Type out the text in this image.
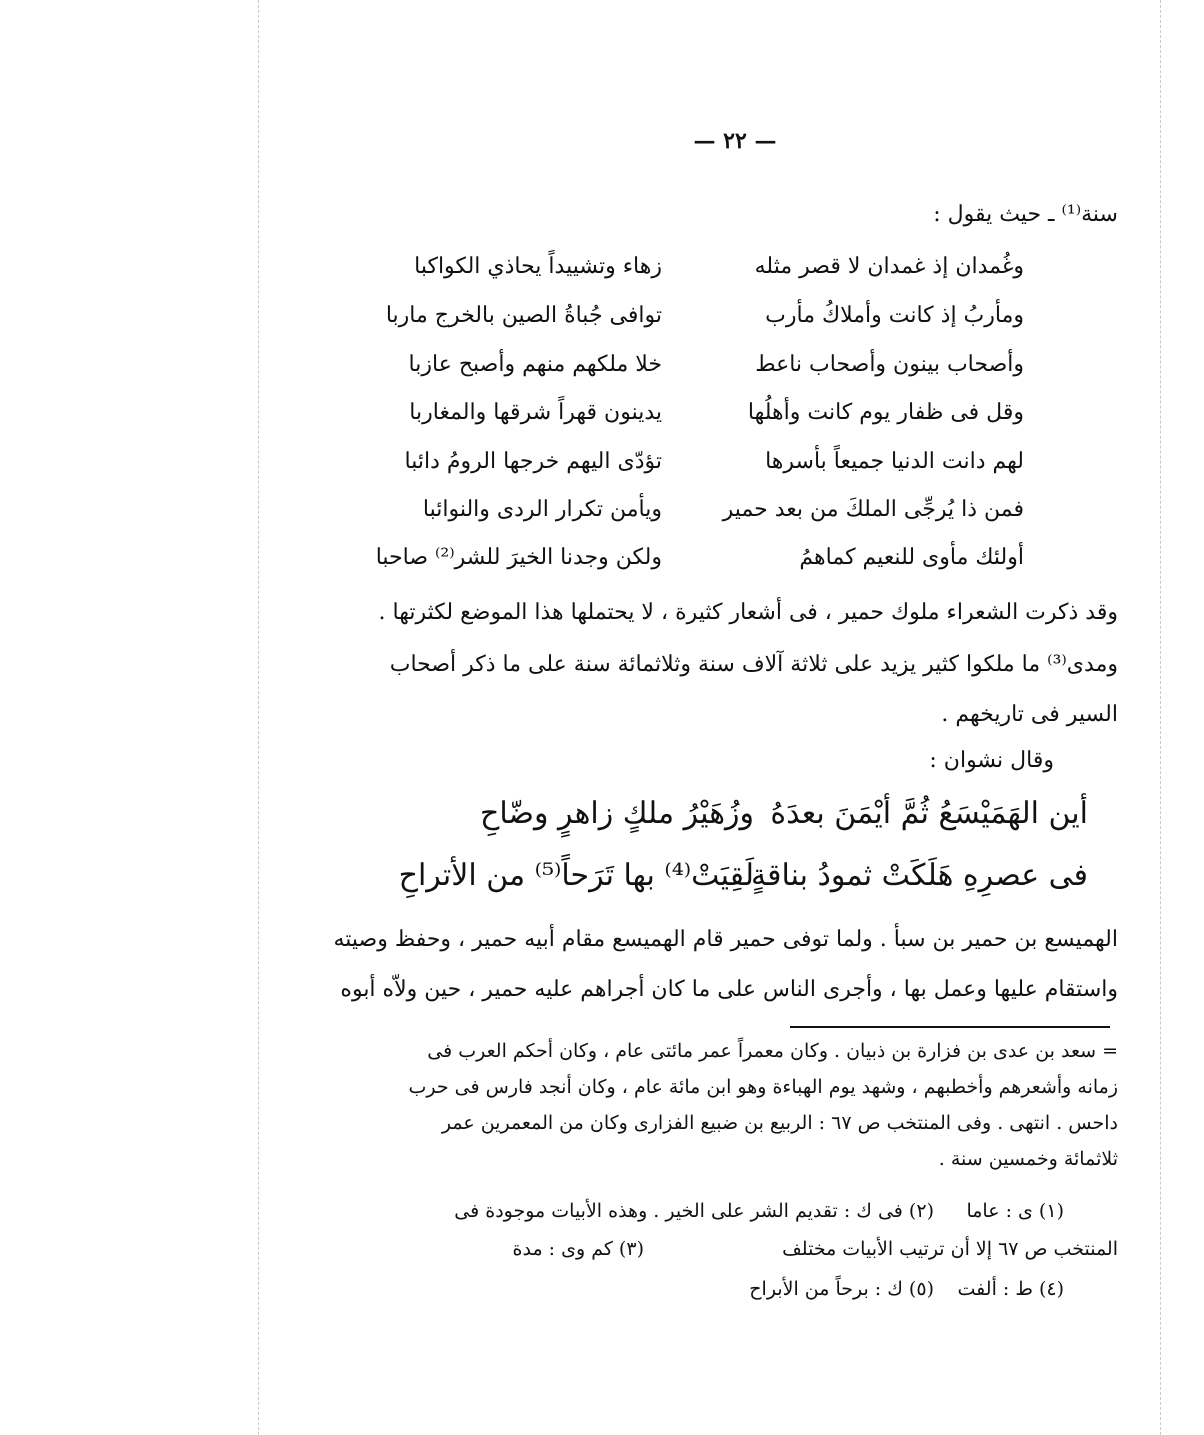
— ٢٢ —
سنة⁽¹⁾ ـ حيث يقول :
وغُمدان إذ غمدان لا قصر مثله
زهاء وتشييداً يحاذي الكواكبا
ومأربُ إذ كانت وأملاكُ مأرب
توافى جُباةُ الصين بالخرج ماربا
وأصحاب بينون وأصحاب ناعط
خلا ملكهم منهم وأصبح عازبا
وقل فى ظفار يوم كانت وأهلُها
يدينون قهراً شرقها والمغاربا
لهم دانت الدنيا جميعاً بأسرها
تؤدّى اليهم خرجها الرومُ دائبا
فمن ذا يُرجِّى الملكَ من بعد حمير
ويأمن تكرار الردى والنوائبا
أولئك مأوى للنعيم كماهمُ
ولكن وجدنا الخيرَ للشر⁽²⁾ صاحبا
وقد ذكرت الشعراء ملوك حمير ، فى أشعار كثيرة ، لا يحتملها هذا الموضع لكثرتها .
ومدى⁽³⁾ ما ملكوا كثير يزيد على ثلاثة آلاف سنة وثلاثمائة سنة على ما ذكر أصحاب
السير فى تاريخهم .
وقال نشوان :
أين الهَمَيْسَعُ ثُمَّ أيْمَنَ بعدَهُ
وزُهَيْرُ ملكٍ زاهرٍ وضّاحِ
فى عصرِهِ هَلَكَتْ ثمودُ بناقةٍ
لَقِيَتْ⁽⁴⁾ بها تَرَحاً⁽⁵⁾ من الأتراحِ
الهميسع بن حمير بن سبأ . ولما توفى حمير قام الهميسع مقام أبيه حمير ، وحفظ وصيته
واستقام عليها وعمل بها ، وأجرى الناس على ما كان أجراهم عليه حمير ، حين ولاّه أبوه
= سعد بن عدى بن فزارة بن ذبيان . وكان معمراً عمر مائتى عام ، وكان أحكم العرب فى
زمانه وأشعرهم وأخطبهم ، وشهد يوم الهباءة وهو ابن مائة عام ، وكان أنجد فارس فى حرب
داحس . انتهى . وفى المنتخب ص ٦٧ : الربيع بن ضبيع الفزارى وكان من المعمرين عمر
ثلاثمائة وخمسين سنة .
(١) ى : عاما
(٢) فى ك : تقديم الشر على الخير . وهذه الأبيات موجودة فى
المنتخب ص ٦٧ إلا أن ترتيب الأبيات مختلف
(٣) كم وى : مدة
(٤) ط : ألفت
(٥) ك : برحاً من الأبراح
